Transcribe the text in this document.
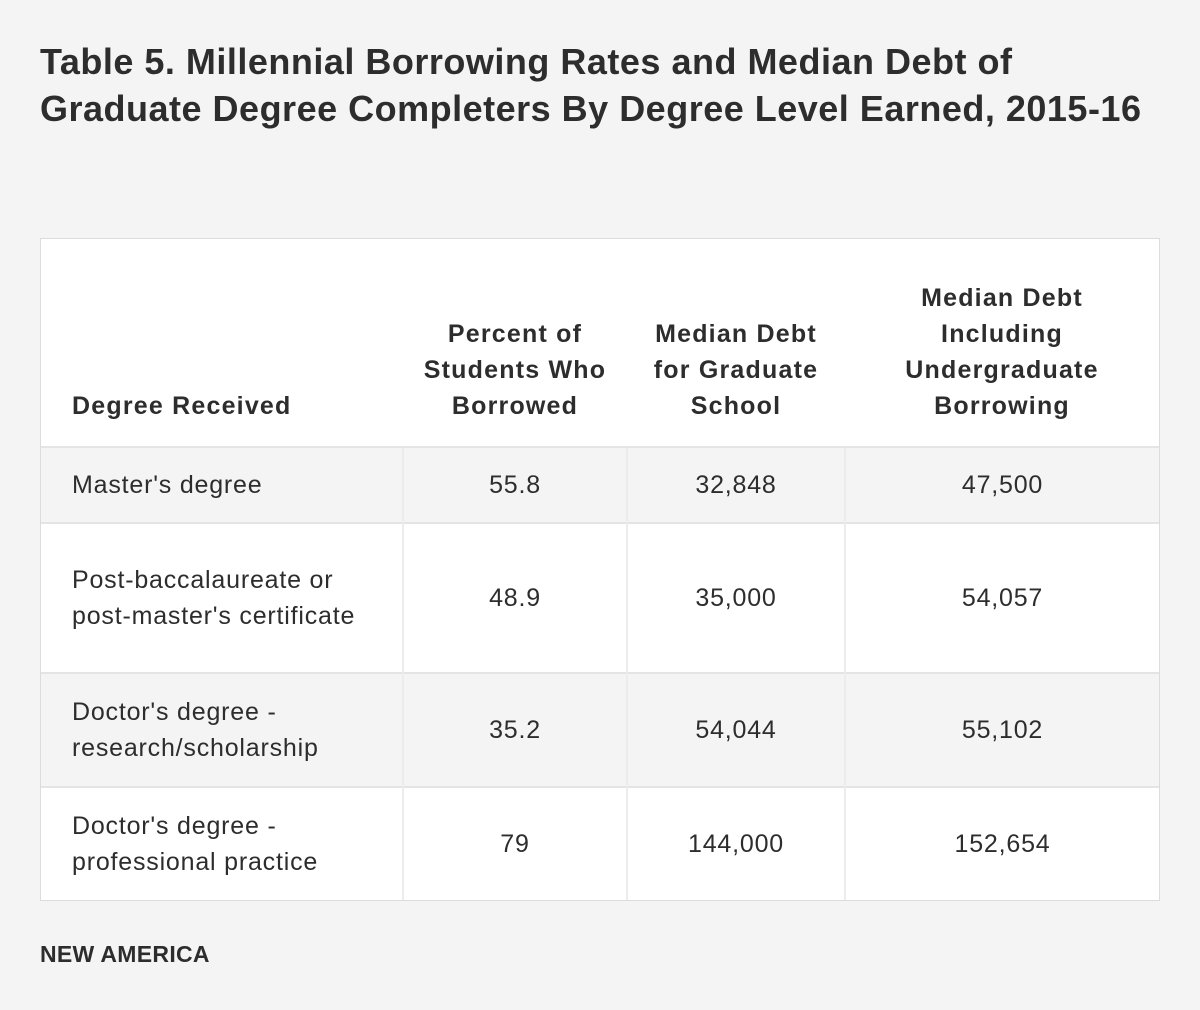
Table 5. Millennial Borrowing Rates and Median Debt of Graduate Degree Completers By Degree Level Earned, 2015-16
Degree Received	Percent of Students Who Borrowed	Median Debt for Graduate School	Median Debt Including Undergraduate Borrowing
Master's degree	55.8	32,848	47,500
Post-baccalaureate or post-master's certificate	48.9	35,000	54,057
Doctor's degree - research/scholarship	35.2	54,044	55,102
Doctor's degree - professional practice	79	144,000	152,654
NEW AMERICA
